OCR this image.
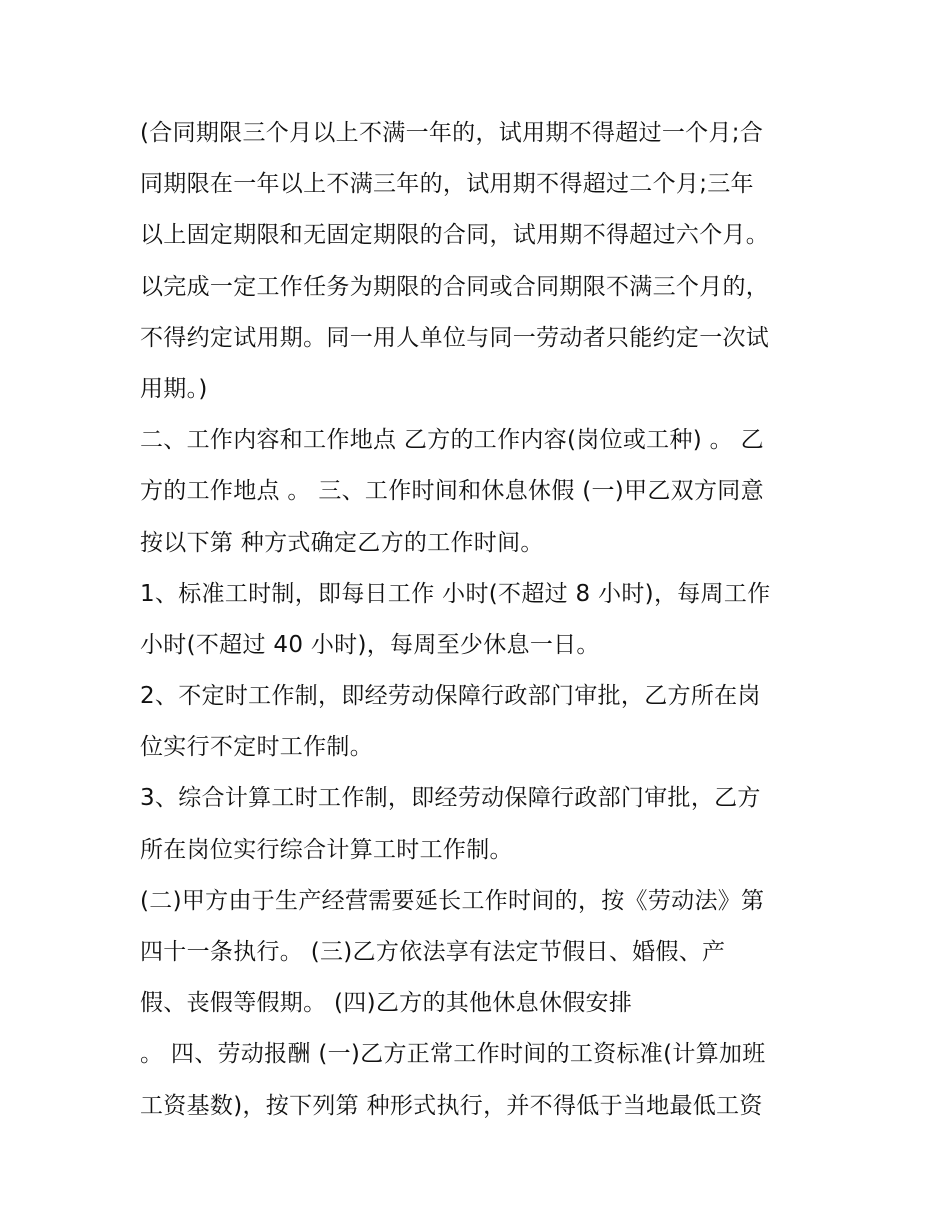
(合同期限三个月以上不满一年的，试用期不得超过一个月;合
同期限在一年以上不满三年的，试用期不得超过二个月;三年
以上固定期限和无固定期限的合同，试用期不得超过六个月。
以完成一定工作任务为期限的合同或合同期限不满三个月的，
不得约定试用期。同一用人单位与同一劳动者只能约定一次试
用期。)
二、工作内容和工作地点 乙方的工作内容(岗位或工种) 。 乙
方的工作地点 。 三、工作时间和休息休假 (一)甲乙双方同意
按以下第 种方式确定乙方的工作时间。
1、标准工时制，即每日工作 小时(不超过 8 小时)，每周工作
小时(不超过 40 小时)，每周至少休息一日。
2、不定时工作制，即经劳动保障行政部门审批，乙方所在岗
位实行不定时工作制。
3、综合计算工时工作制，即经劳动保障行政部门审批，乙方
所在岗位实行综合计算工时工作制。
(二)甲方由于生产经营需要延长工作时间的，按《劳动法》第
四十一条执行。 (三)乙方依法享有法定节假日、婚假、产
假、丧假等假期。 (四)乙方的其他休息休假安排
。 四、劳动报酬 (一)乙方正常工作时间的工资标准(计算加班
工资基数)，按下列第 种形式执行，并不得低于当地最低工资
